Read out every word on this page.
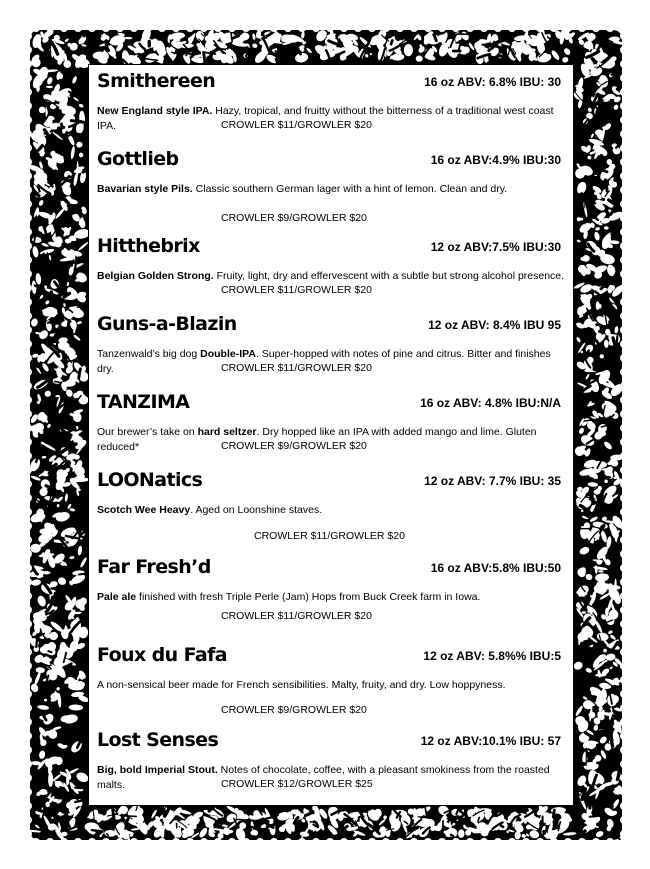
Smithereen	16 oz ABV: 6.8% IBU: 30
New England style IPA. Hazy, tropical, and fruitty without the bitterness of a traditional west coast IPA.	CROWLER $11/GROWLER $20
Gottlieb	16 oz ABV:4.9% IBU:30
Bavarian style Pils. Classic southern German lager with a hint of lemon. Clean and dry.
CROWLER $9/GROWLER $20
Hitthebrix	12 oz ABV:7.5% IBU:30
Belgian Golden Strong. Fruity, light, dry and effervescent with a subtle but strong alcohol presence.
CROWLER $11/GROWLER $20
Guns-a-Blazin	12 oz ABV: 8.4% IBU 95
Tanzenwald’s big dog Double-IPA. Super-hopped with notes of pine and citrus. Bitter and finishes dry.	CROWLER $11/GROWLER $20
TANZIMA	16 oz ABV: 4.8% IBU:N/A
Our brewer’s take on hard seltzer. Dry hopped like an IPA with added mango and lime. Gluten reduced*	CROWLER $9/GROWLER $20
LOONatics	12 oz ABV: 7.7% IBU: 35
Scotch Wee Heavy. Aged on Loonshine staves.
CROWLER $11/GROWLER $20
Far Fresh’d	16 oz ABV:5.8% IBU:50
Pale ale finished with fresh Triple Perle (Jam) Hops from Buck Creek farm in Iowa.
CROWLER $11/GROWLER $20
Foux du Fafa	12 oz ABV: 5.8%% IBU:5
A non-sensical beer made for French sensibilities. Malty, fruity, and dry. Low hoppyness.
CROWLER $9/GROWLER $20
Lost Senses	12 oz ABV:10.1% IBU: 57
Big, bold Imperial Stout. Notes of chocolate, coffee, with a pleasant smokiness from the roasted malts.	CROWLER $12/GROWLER $25
